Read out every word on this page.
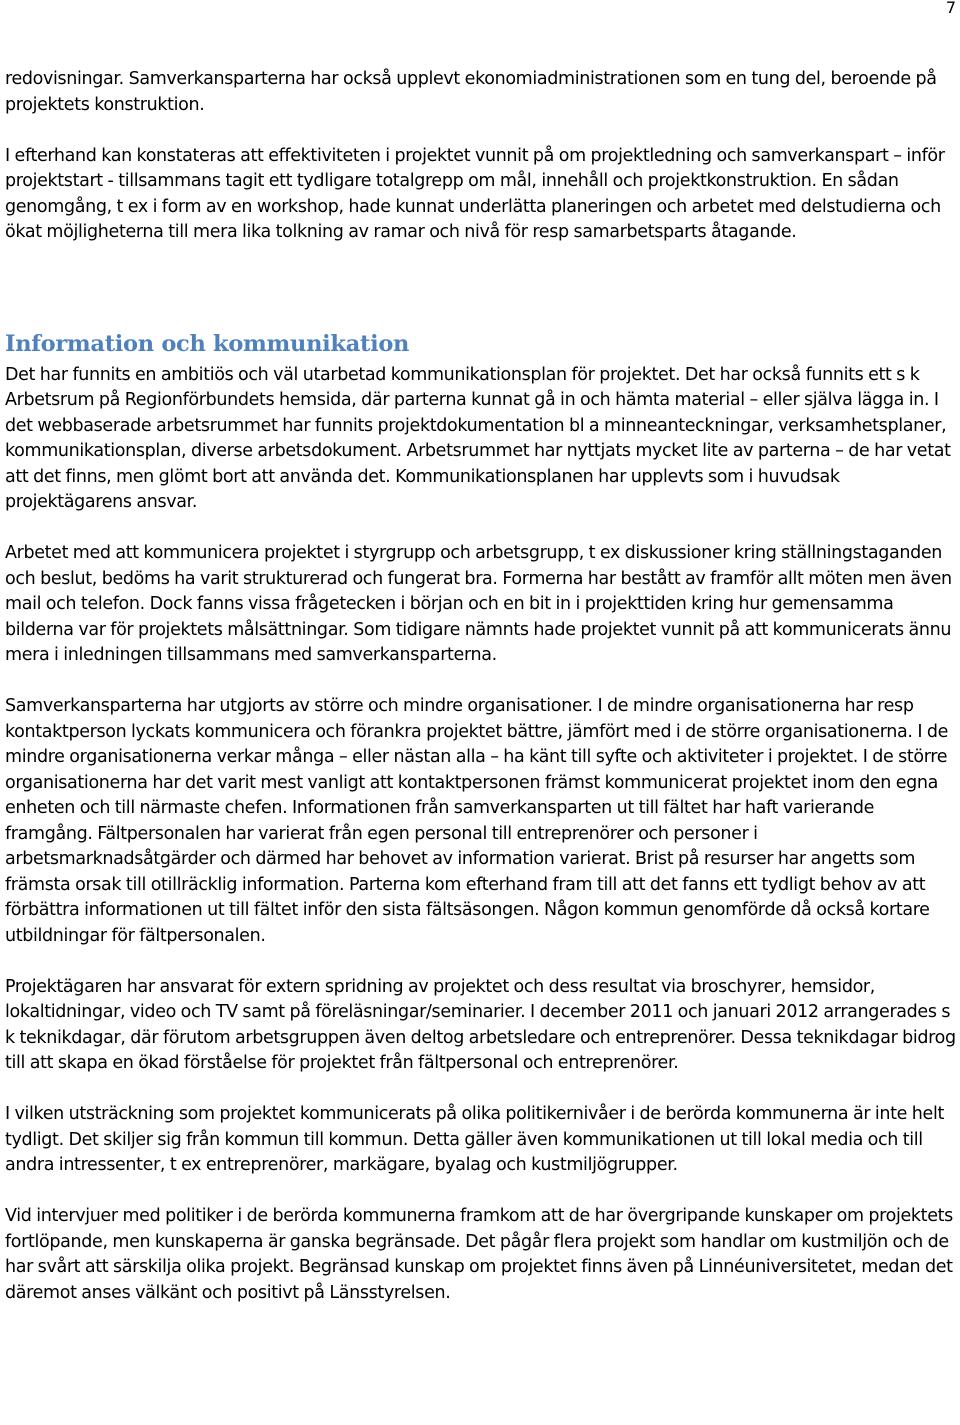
7

redovisningar. Samverkansparterna har också upplevt ekonomiadministrationen som en tung del, beroende på projektets konstruktion.

I efterhand kan konstateras att effektiviteten i projektet vunnit på om projektledning och samverkanspart – inför projektstart - tillsammans tagit ett tydligare totalgrepp om mål, innehåll och projektkonstruktion. En sådan genomgång, t ex i form av en workshop, hade kunnat underlätta planeringen och arbetet med delstudierna och ökat möjligheterna till mera lika tolkning av ramar och nivå för resp samarbetsparts åtagande.

Information och kommunikation

Det har funnits en ambitiös och väl utarbetad kommunikationsplan för projektet. Det har också funnits ett s k Arbetsrum på Regionförbundets hemsida, där parterna kunnat gå in och hämta material – eller själva lägga in. I det webbaserade arbetsrummet har funnits projektdokumentation bl a minneanteckningar, verksamhetsplaner, kommunikationsplan, diverse arbetsdokument. Arbetsrummet har nyttjats mycket lite av parterna – de har vetat att det finns, men glömt bort att använda det. Kommunikationsplanen har upplevts som i huvudsak projektägarens ansvar.

Arbetet med att kommunicera projektet i styrgrupp och arbetsgrupp, t ex diskussioner kring ställningstaganden och beslut, bedöms ha varit strukturerad och fungerat bra. Formerna har bestått av framför allt möten men även mail och telefon. Dock fanns vissa frågetecken i början och en bit in i projekttiden kring hur gemensamma bilderna var för projektets målsättningar. Som tidigare nämnts hade projektet vunnit på att kommunicerats ännu mera i inledningen tillsammans med samverkansparterna.

Samverkansparterna har utgjorts av större och mindre organisationer. I de mindre organisationerna har resp kontaktperson lyckats kommunicera och förankra projektet bättre, jämfört med i de större organisationerna. I de mindre organisationerna verkar många – eller nästan alla – ha känt till syfte och aktiviteter i projektet. I de större organisationerna har det varit mest vanligt att kontaktpersonen främst kommunicerat projektet inom den egna enheten och till närmaste chefen. Informationen från samverkansparten ut till fältet har haft varierande framgång. Fältpersonalen har varierat från egen personal till entreprenörer och personer i arbetsmarknadsåtgärder och därmed har behovet av information varierat. Brist på resurser har angetts som främsta orsak till otillräcklig information. Parterna kom efterhand fram till att det fanns ett tydligt behov av att förbättra informationen ut till fältet inför den sista fältsäsongen. Någon kommun genomförde då också kortare utbildningar för fältpersonalen.

Projektägaren har ansvarat för extern spridning av projektet och dess resultat via broschyrer, hemsidor, lokaltidningar, video och TV samt på föreläsningar/seminarier. I december 2011 och januari 2012 arrangerades s k teknikdagar, där förutom arbetsgruppen även deltog arbetsledare och entreprenörer. Dessa teknikdagar bidrog till att skapa en ökad förståelse för projektet från fältpersonal och entreprenörer.

I vilken utsträckning som projektet kommunicerats på olika politikernivåer i de berörda kommunerna är inte helt tydligt. Det skiljer sig från kommun till kommun. Detta gäller även kommunikationen ut till lokal media och till andra intressenter, t ex entreprenörer, markägare, byalag och kustmiljögrupper.

Vid intervjuer med politiker i de berörda kommunerna framkom att de har övergripande kunskaper om projektets fortlöpande, men kunskaperna är ganska begränsade. Det pågår flera projekt som handlar om kustmiljön och de har svårt att särskilja olika projekt. Begränsad kunskap om projektet finns även på Linnéuniversitetet, medan det däremot anses välkänt och positivt på Länsstyrelsen.
